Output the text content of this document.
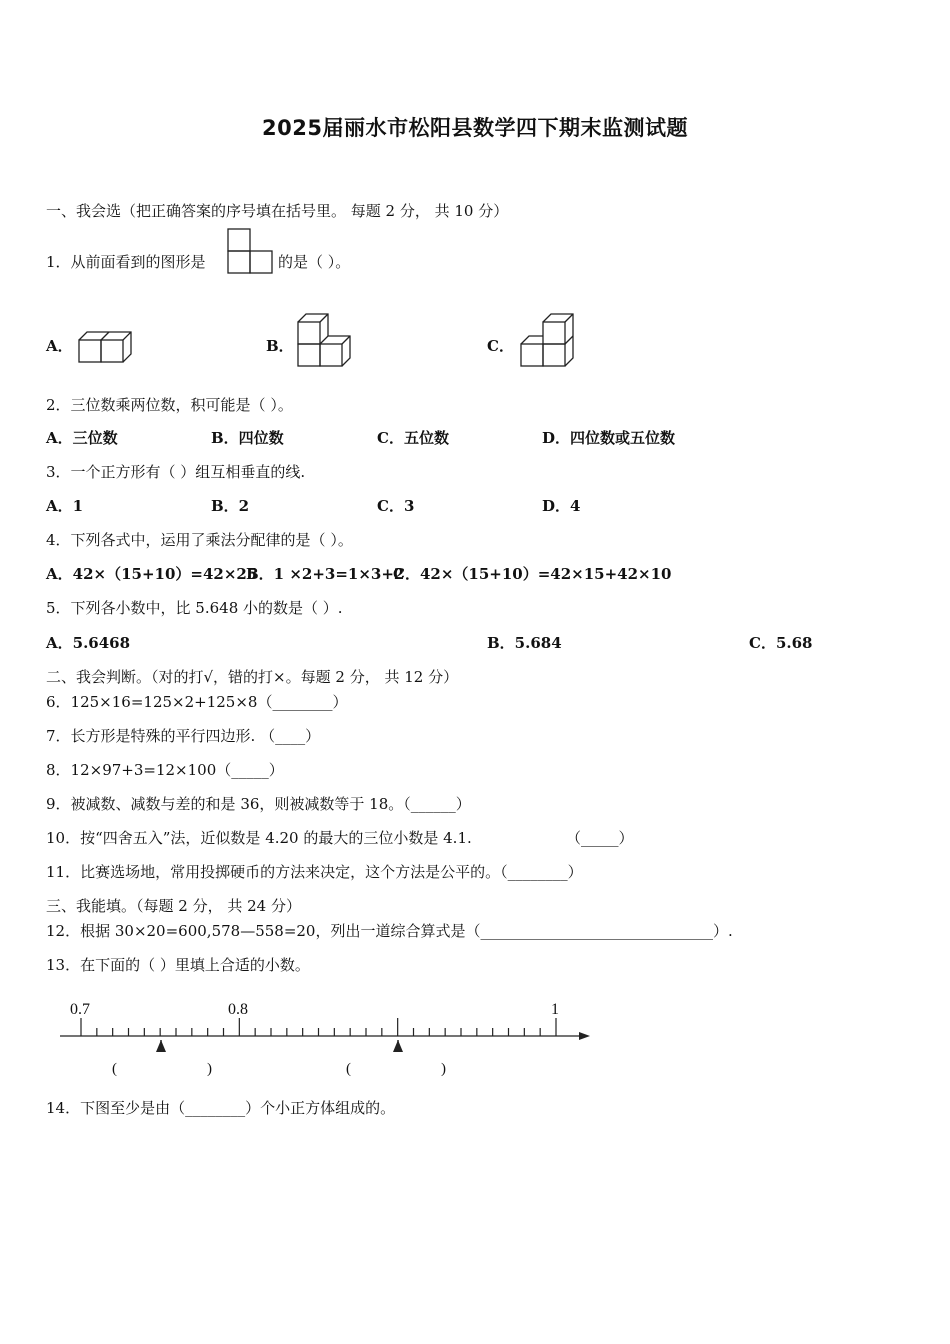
2025届丽水市松阳县数学四下期末监测试题
一、我会选（把正确答案的序号填在括号里。 每题 2 分， 共 10 分）
1．从前面看到的图形是	的是（ ）。
A．	B．	C．
2．三位数乘两位数，积可能是（ ）。
A．三位数	B．四位数	C．五位数	D．四位数或五位数
3．一个正方形有（ ）组互相垂直的线.
A．1	B．2	C．3	D．4
4．下列各式中，运用了乘法分配律的是（ ）。
A．42×（15+10）=42×25
B．1 ×2+3=1×3+2
C．42×（15+10）=42×15+42×10
5．下列各小数中，比 5.648 小的数是（ ）.
A．5.6468	B．5.684	C．5.68
二、我会判断。（对的打√，错的打×。每题 2 分， 共 12 分）
6．125×16=125×2+125×8（________）
7．长方形是特殊的平行四边形. （____）
8．12×97+3=12×100（_____）
9．被减数、减数与差的和是 36，则被减数等于 18。（______）
10．按“四舍五入”法，近似数是 4.20 的最大的三位小数是 4.1.	（_____）
11．比赛选场地，常用投掷硬币的方法来决定，这个方法是公平的。（________）
三、我能填。（每题 2 分， 共 24 分）
12．根据 30×20=600,578—558=20，列出一道综合算式是（_______________________________）.
13．在下面的（ ）里填上合适的小数。
0.7	0.8	1
(	)	(	)
14．下图至少是由（________）个小正方体组成的。
